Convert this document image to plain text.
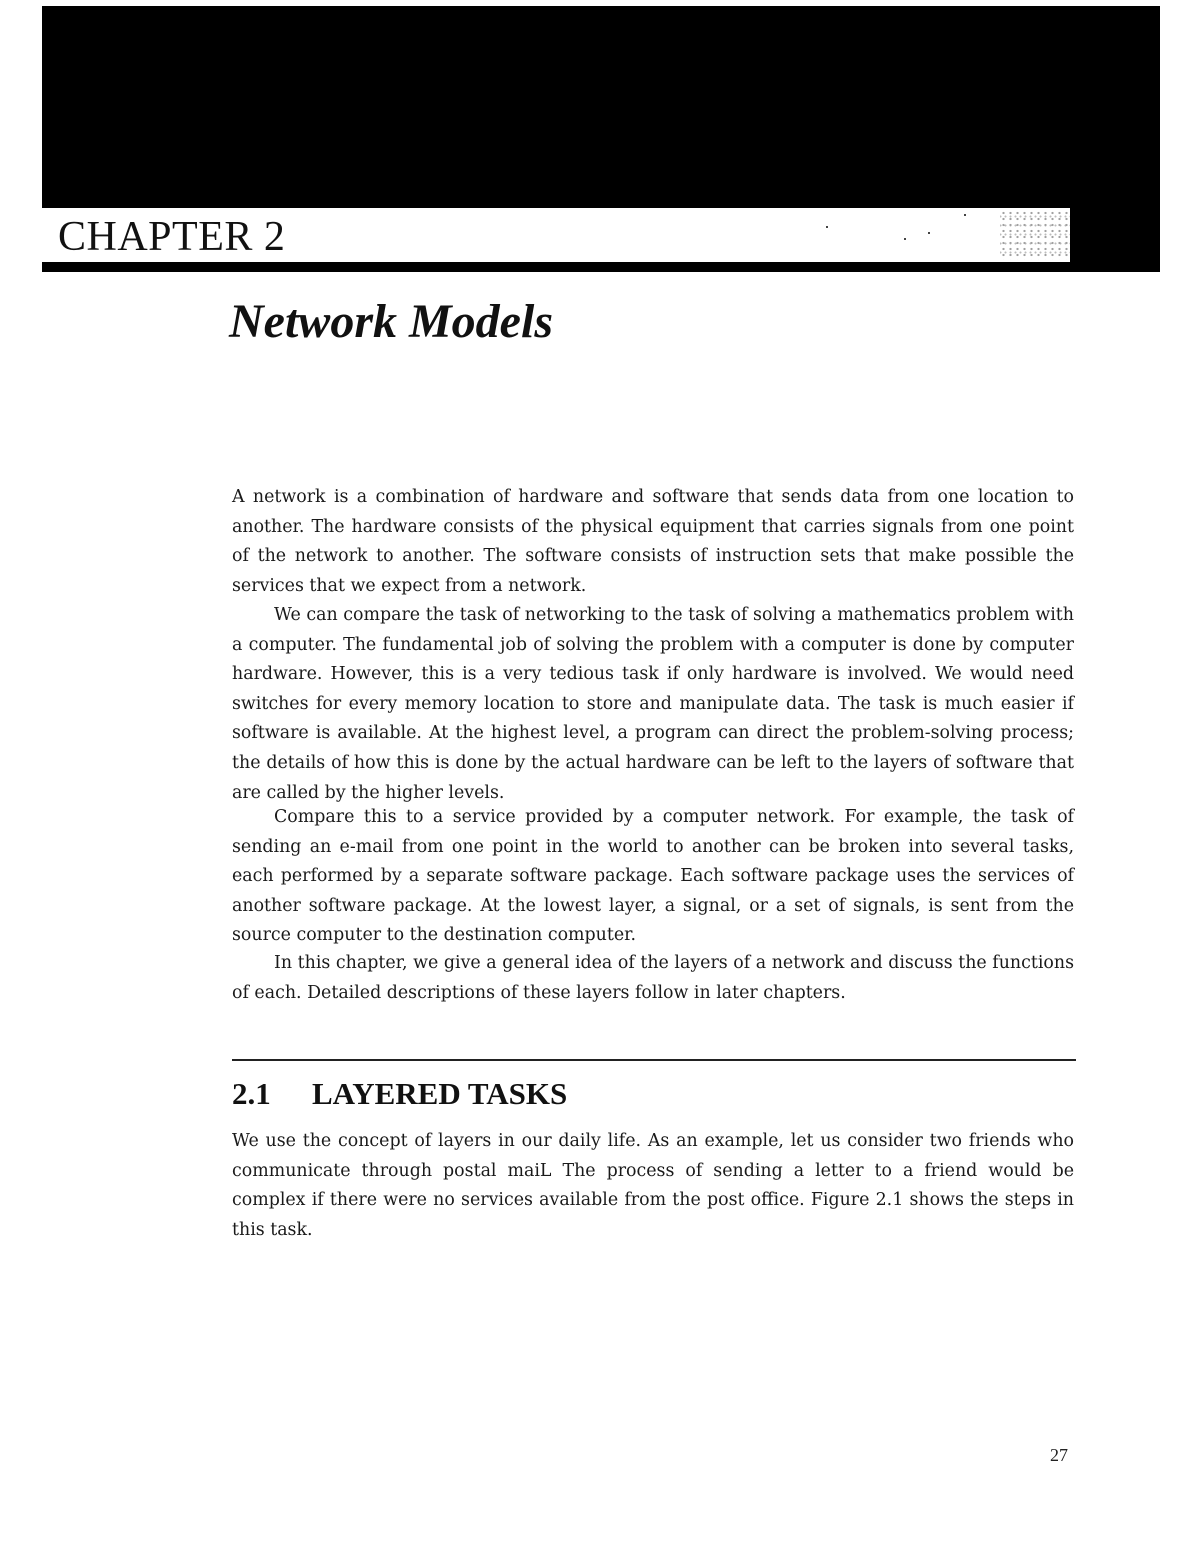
CHAPTER 2
Network Models

A network is a combination of hardware and software that sends data from one location to another. The hardware consists of the physical equipment that carries signals from one point of the network to another. The software consists of instruction sets that make possible the services that we expect from a network.

We can compare the task of networking to the task of solving a mathematics problem with a computer. The fundamental job of solving the problem with a computer is done by computer hardware. However, this is a very tedious task if only hardware is involved. We would need switches for every memory location to store and manipulate data. The task is much easier if software is available. At the highest level, a program can direct the problem-solving process; the details of how this is done by the actual hardware can be left to the layers of software that are called by the higher levels.

Compare this to a service provided by a computer network. For example, the task of sending an e-mail from one point in the world to another can be broken into several tasks, each performed by a separate software package. Each software package uses the services of another software package. At the lowest layer, a signal, or a set of signals, is sent from the source computer to the destination computer.

In this chapter, we give a general idea of the layers of a network and discuss the functions of each. Detailed descriptions of these layers follow in later chapters.

2.1 LAYERED TASKS

We use the concept of layers in our daily life. As an example, let us consider two friends who communicate through postal maiL The process of sending a letter to a friend would be complex if there were no services available from the post office. Figure 2.1 shows the steps in this task.

27
